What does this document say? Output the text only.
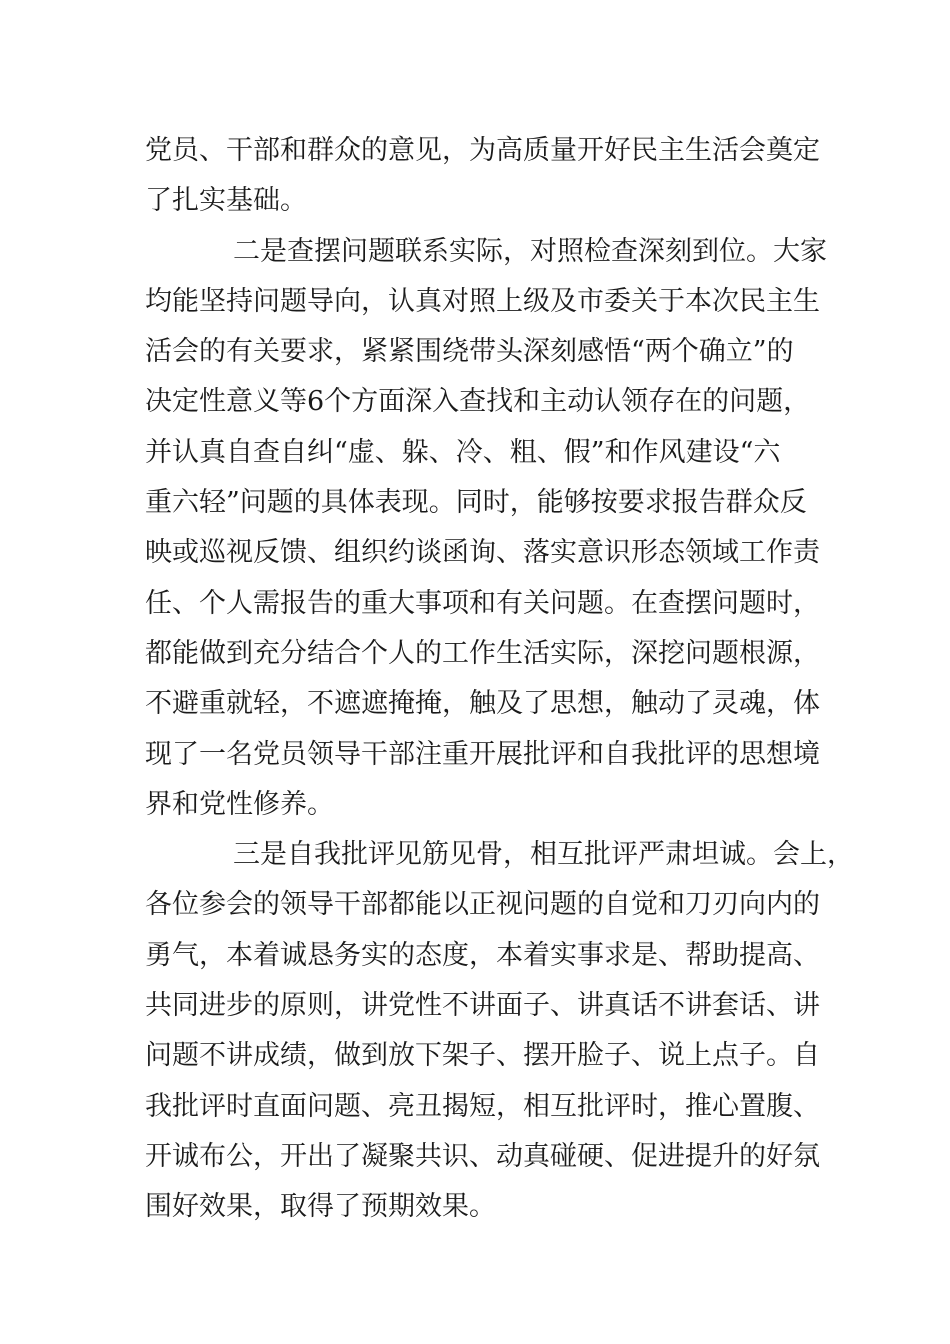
党员、干部和群众的意见，为高质量开好民主生活会奠定
了扎实基础。
二是查摆问题联系实际，对照检查深刻到位。大家
均能坚持问题导向，认真对照上级及市委关于本次民主生
活会的有关要求，紧紧围绕带头深刻感悟“两个确立”的
决定性意义等6个方面深入查找和主动认领存在的问题，
并认真自查自纠“虚、躲、冷、粗、假”和作风建设“六
重六轻”问题的具体表现。同时，能够按要求报告群众反
映或巡视反馈、组织约谈函询、落实意识形态领域工作责
任、个人需报告的重大事项和有关问题。在查摆问题时，
都能做到充分结合个人的工作生活实际，深挖问题根源，
不避重就轻，不遮遮掩掩，触及了思想，触动了灵魂，体
现了一名党员领导干部注重开展批评和自我批评的思想境
界和党性修养。
三是自我批评见筋见骨，相互批评严肃坦诚。会上，
各位参会的领导干部都能以正视问题的自觉和刀刃向内的
勇气，本着诚恳务实的态度，本着实事求是、帮助提高、
共同进步的原则，讲党性不讲面子、讲真话不讲套话、讲
问题不讲成绩，做到放下架子、摆开脸子、说上点子。自
我批评时直面问题、亮丑揭短，相互批评时，推心置腹、
开诚布公，开出了凝聚共识、动真碰硬、促进提升的好氛
围好效果，取得了预期效果。
